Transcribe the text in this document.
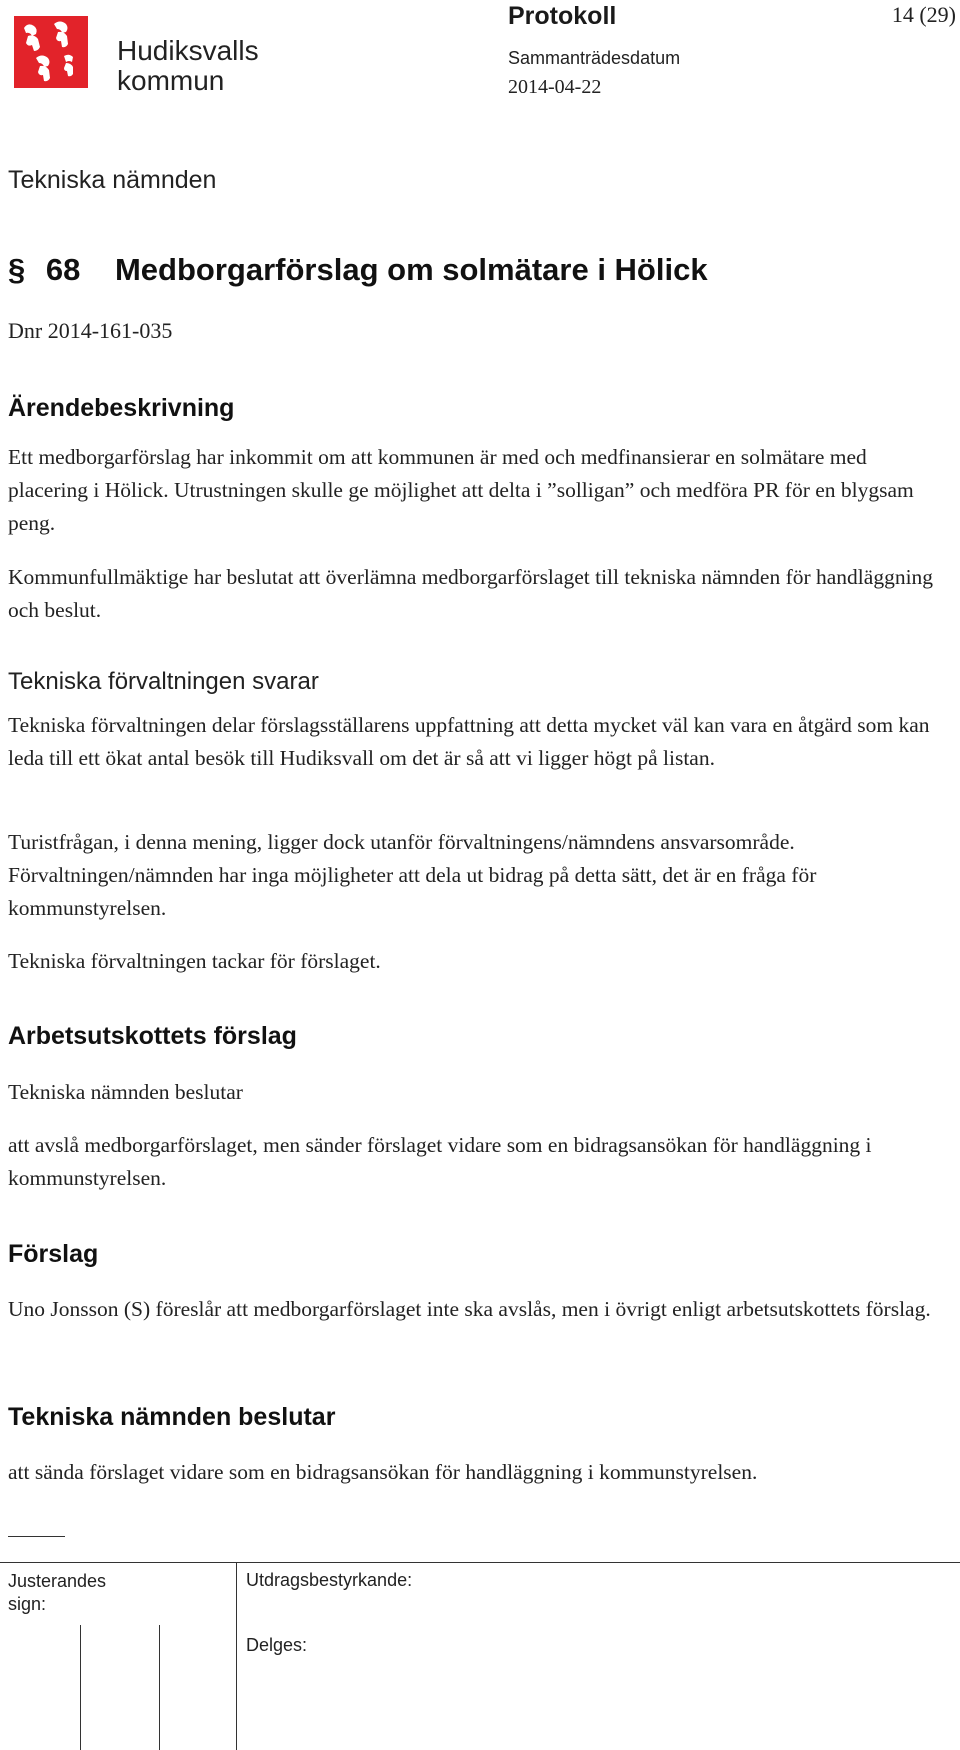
Hudiksvalls
kommun
Protokoll	14 (29)
Sammanträdesdatum
2014-04-22
Tekniska nämnden
§ 68 Medborgarförslag om solmätare i Hölick
Dnr 2014-161-035
Ärendebeskrivning

Ett medborgarförslag har inkommit om att kommunen är med och medfinansierar en solmätare med placering i Hölick. Utrustningen skulle ge möjlighet att delta i ”solligan” och medföra PR för en blygsam peng.

Kommunfullmäktige har beslutat att överlämna medborgarförslaget till tekniska nämnden för handläggning och beslut.

Tekniska förvaltningen svarar

Tekniska förvaltningen delar förslagsställarens uppfattning att detta mycket väl kan vara en åtgärd som kan leda till ett ökat antal besök till Hudiksvall om det är så att vi ligger högt på listan.

Turistfrågan, i denna mening, ligger dock utanför förvaltningens/nämndens ansvarsområde. Förvaltningen/nämnden har inga möjligheter att dela ut bidrag på detta sätt, det är en fråga för kommunstyrelsen.

Tekniska förvaltningen tackar för förslaget.

Arbetsutskottets förslag

Tekniska nämnden beslutar

att avslå medborgarförslaget, men sänder förslaget vidare som en bidragsansökan för handläggning i kommunstyrelsen.

Förslag

Uno Jonsson (S) föreslår att medborgarförslaget inte ska avslås, men i övrigt enligt arbetsutskottets förslag.

Tekniska nämnden beslutar

att sända förslaget vidare som en bidragsansökan för handläggning i kommunstyrelsen.

Justerandes sign:
Utdragsbestyrkande:
Delges:
